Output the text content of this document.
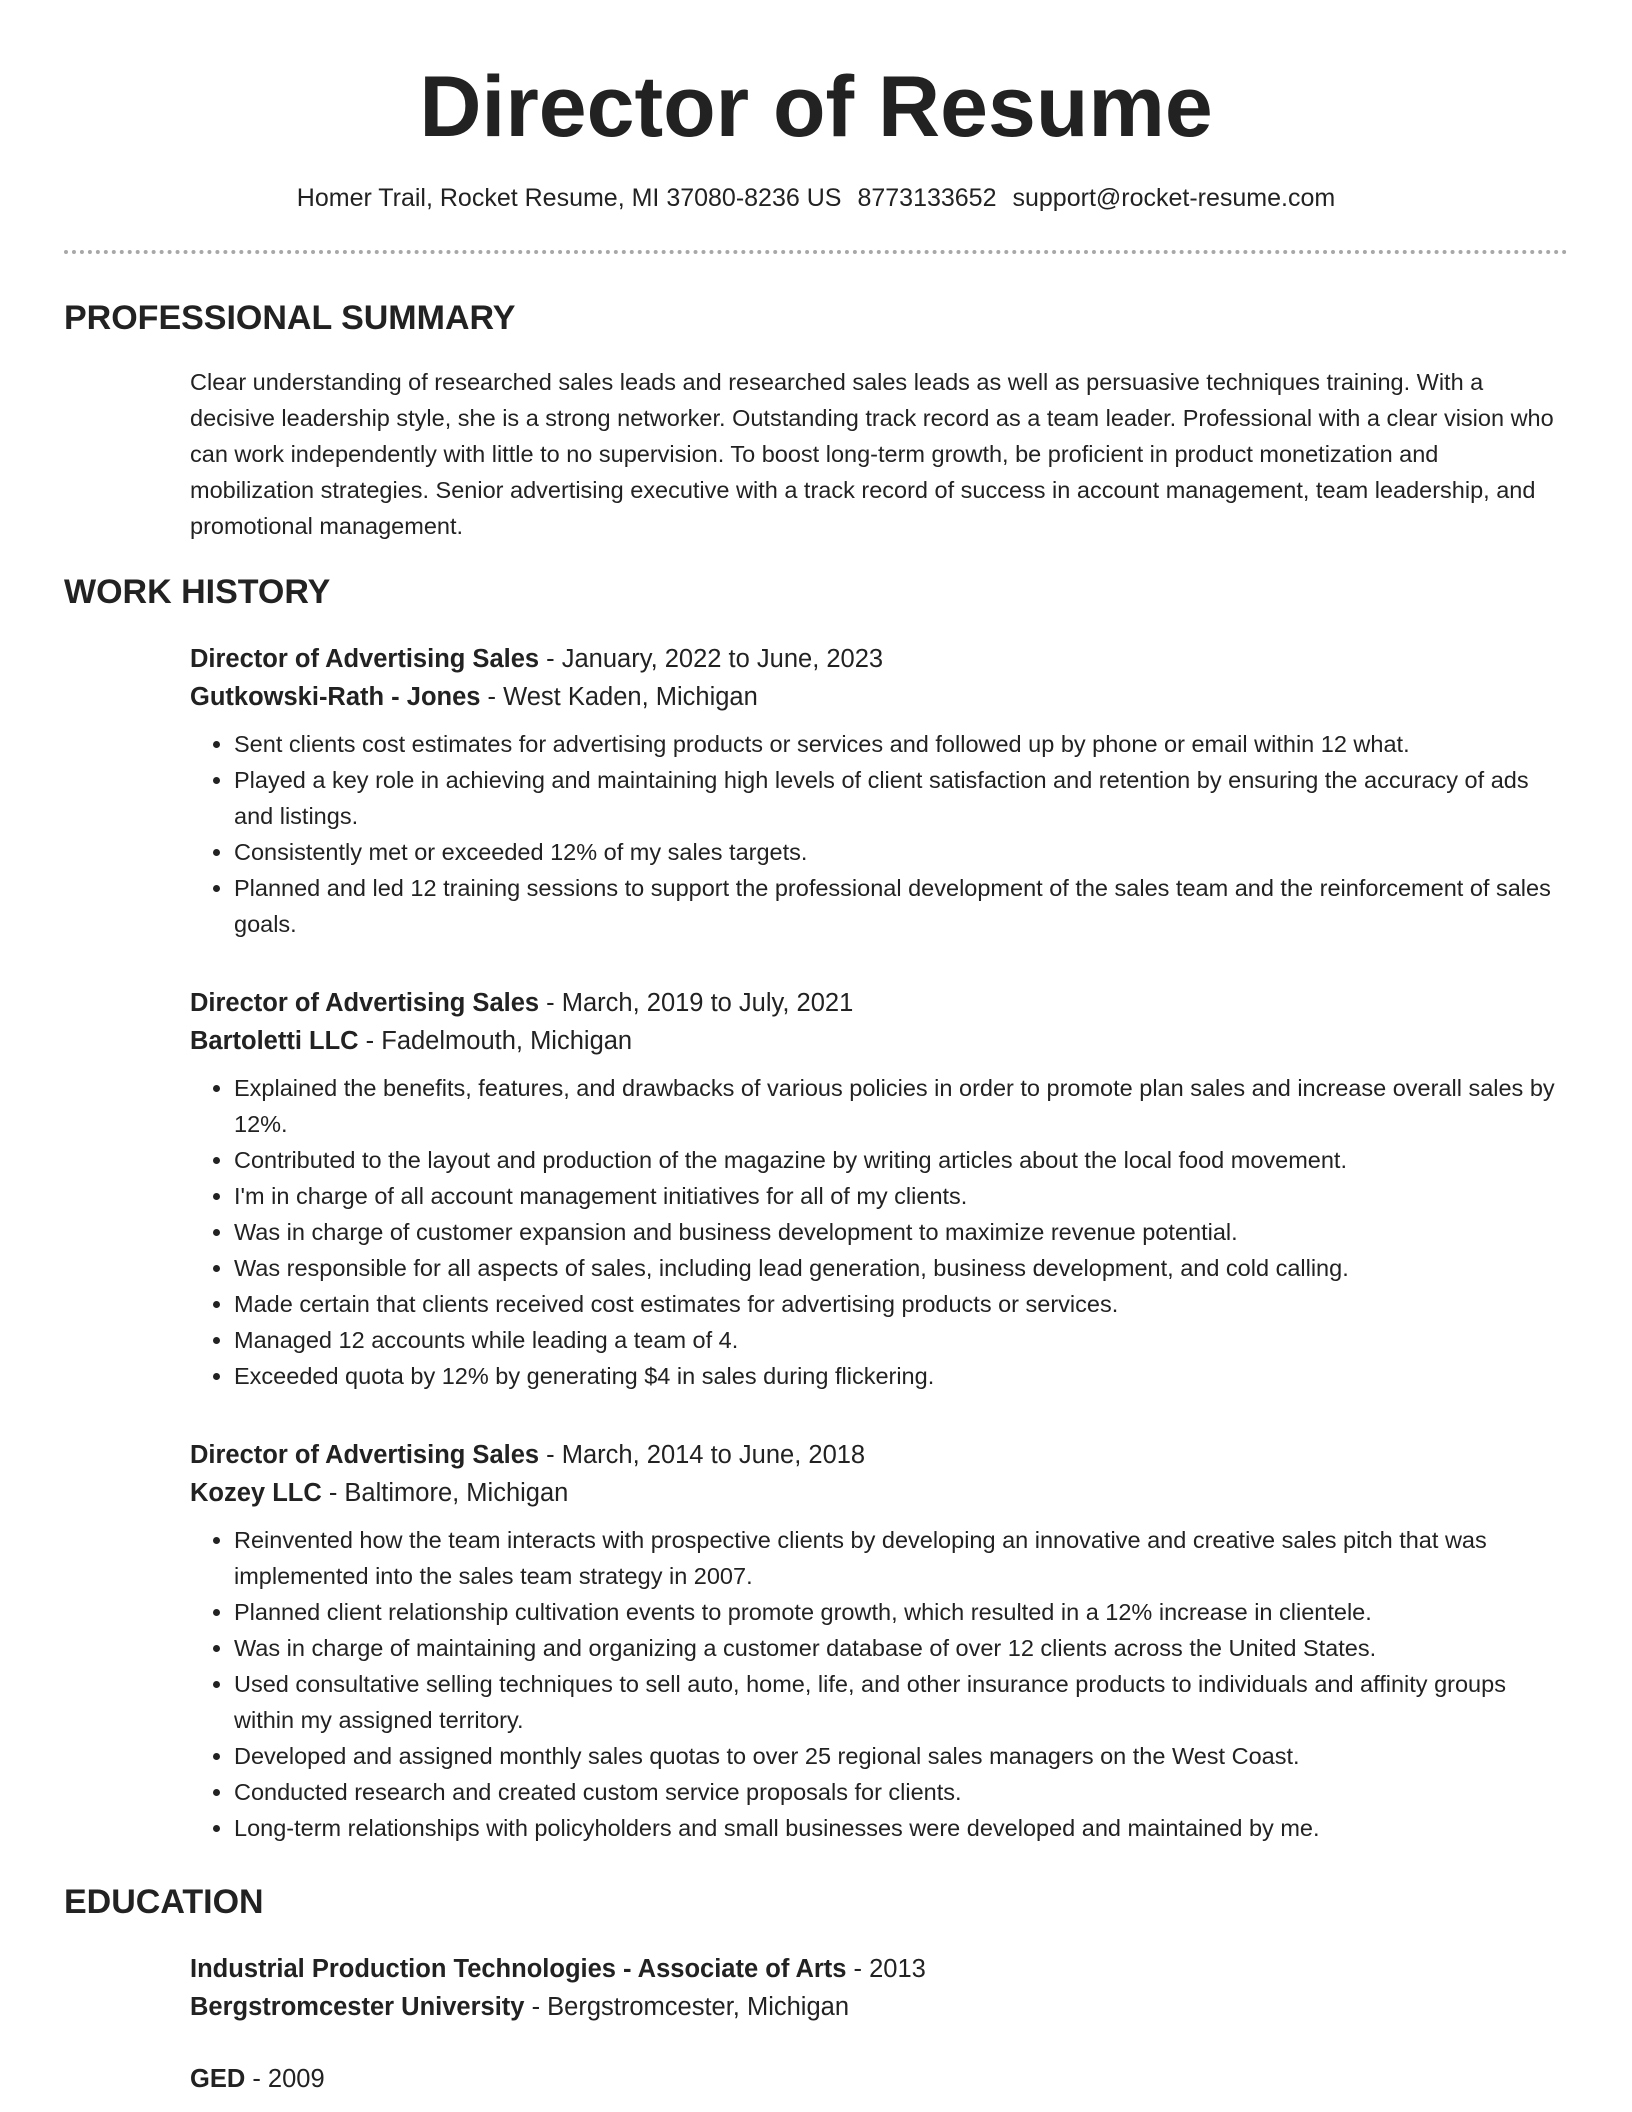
Director of Resume
Homer Trail, Rocket Resume, MI 37080-8236 US 8773133652 support@rocket-resume.com
PROFESSIONAL SUMMARY

Clear understanding of researched sales leads and researched sales leads as well as persuasive techniques training. With a decisive leadership style, she is a strong networker. Outstanding track record as a team leader. Professional with a clear vision who can work independently with little to no supervision. To boost long-term growth, be proficient in product monetization and mobilization strategies. Senior advertising executive with a track record of success in account management, team leadership, and promotional management.

WORK HISTORY

Director of Advertising Sales - January, 2022 to June, 2023

Gutkowski-Rath - Jones - West Kaden, Michigan

• Sent clients cost estimates for advertising products or services and followed up by phone or email within 12 what.
• Played a key role in achieving and maintaining high levels of client satisfaction and retention by ensuring the accuracy of ads and listings.
• Consistently met or exceeded 12% of my sales targets.
• Planned and led 12 training sessions to support the professional development of the sales team and the reinforcement of sales goals.

Director of Advertising Sales - March, 2019 to July, 2021

Bartoletti LLC - Fadelmouth, Michigan

• Explained the benefits, features, and drawbacks of various policies in order to promote plan sales and increase overall sales by 12%.
• Contributed to the layout and production of the magazine by writing articles about the local food movement.
• I'm in charge of all account management initiatives for all of my clients.
• Was in charge of customer expansion and business development to maximize revenue potential.
• Was responsible for all aspects of sales, including lead generation, business development, and cold calling.
• Made certain that clients received cost estimates for advertising products or services.
• Managed 12 accounts while leading a team of 4.
• Exceeded quota by 12% by generating $4 in sales during flickering.

Director of Advertising Sales - March, 2014 to June, 2018

Kozey LLC - Baltimore, Michigan

• Reinvented how the team interacts with prospective clients by developing an innovative and creative sales pitch that was implemented into the sales team strategy in 2007.
• Planned client relationship cultivation events to promote growth, which resulted in a 12% increase in clientele.
• Was in charge of maintaining and organizing a customer database of over 12 clients across the United States.
• Used consultative selling techniques to sell auto, home, life, and other insurance products to individuals and affinity groups within my assigned territory.
• Developed and assigned monthly sales quotas to over 25 regional sales managers on the West Coast.
• Conducted research and created custom service proposals for clients.
• Long-term relationships with policyholders and small businesses were developed and maintained by me.
EDUCATION

Industrial Production Technologies - Associate of Arts - 2013

Bergstromcester University - Bergstromcester, Michigan

GED - 2009
